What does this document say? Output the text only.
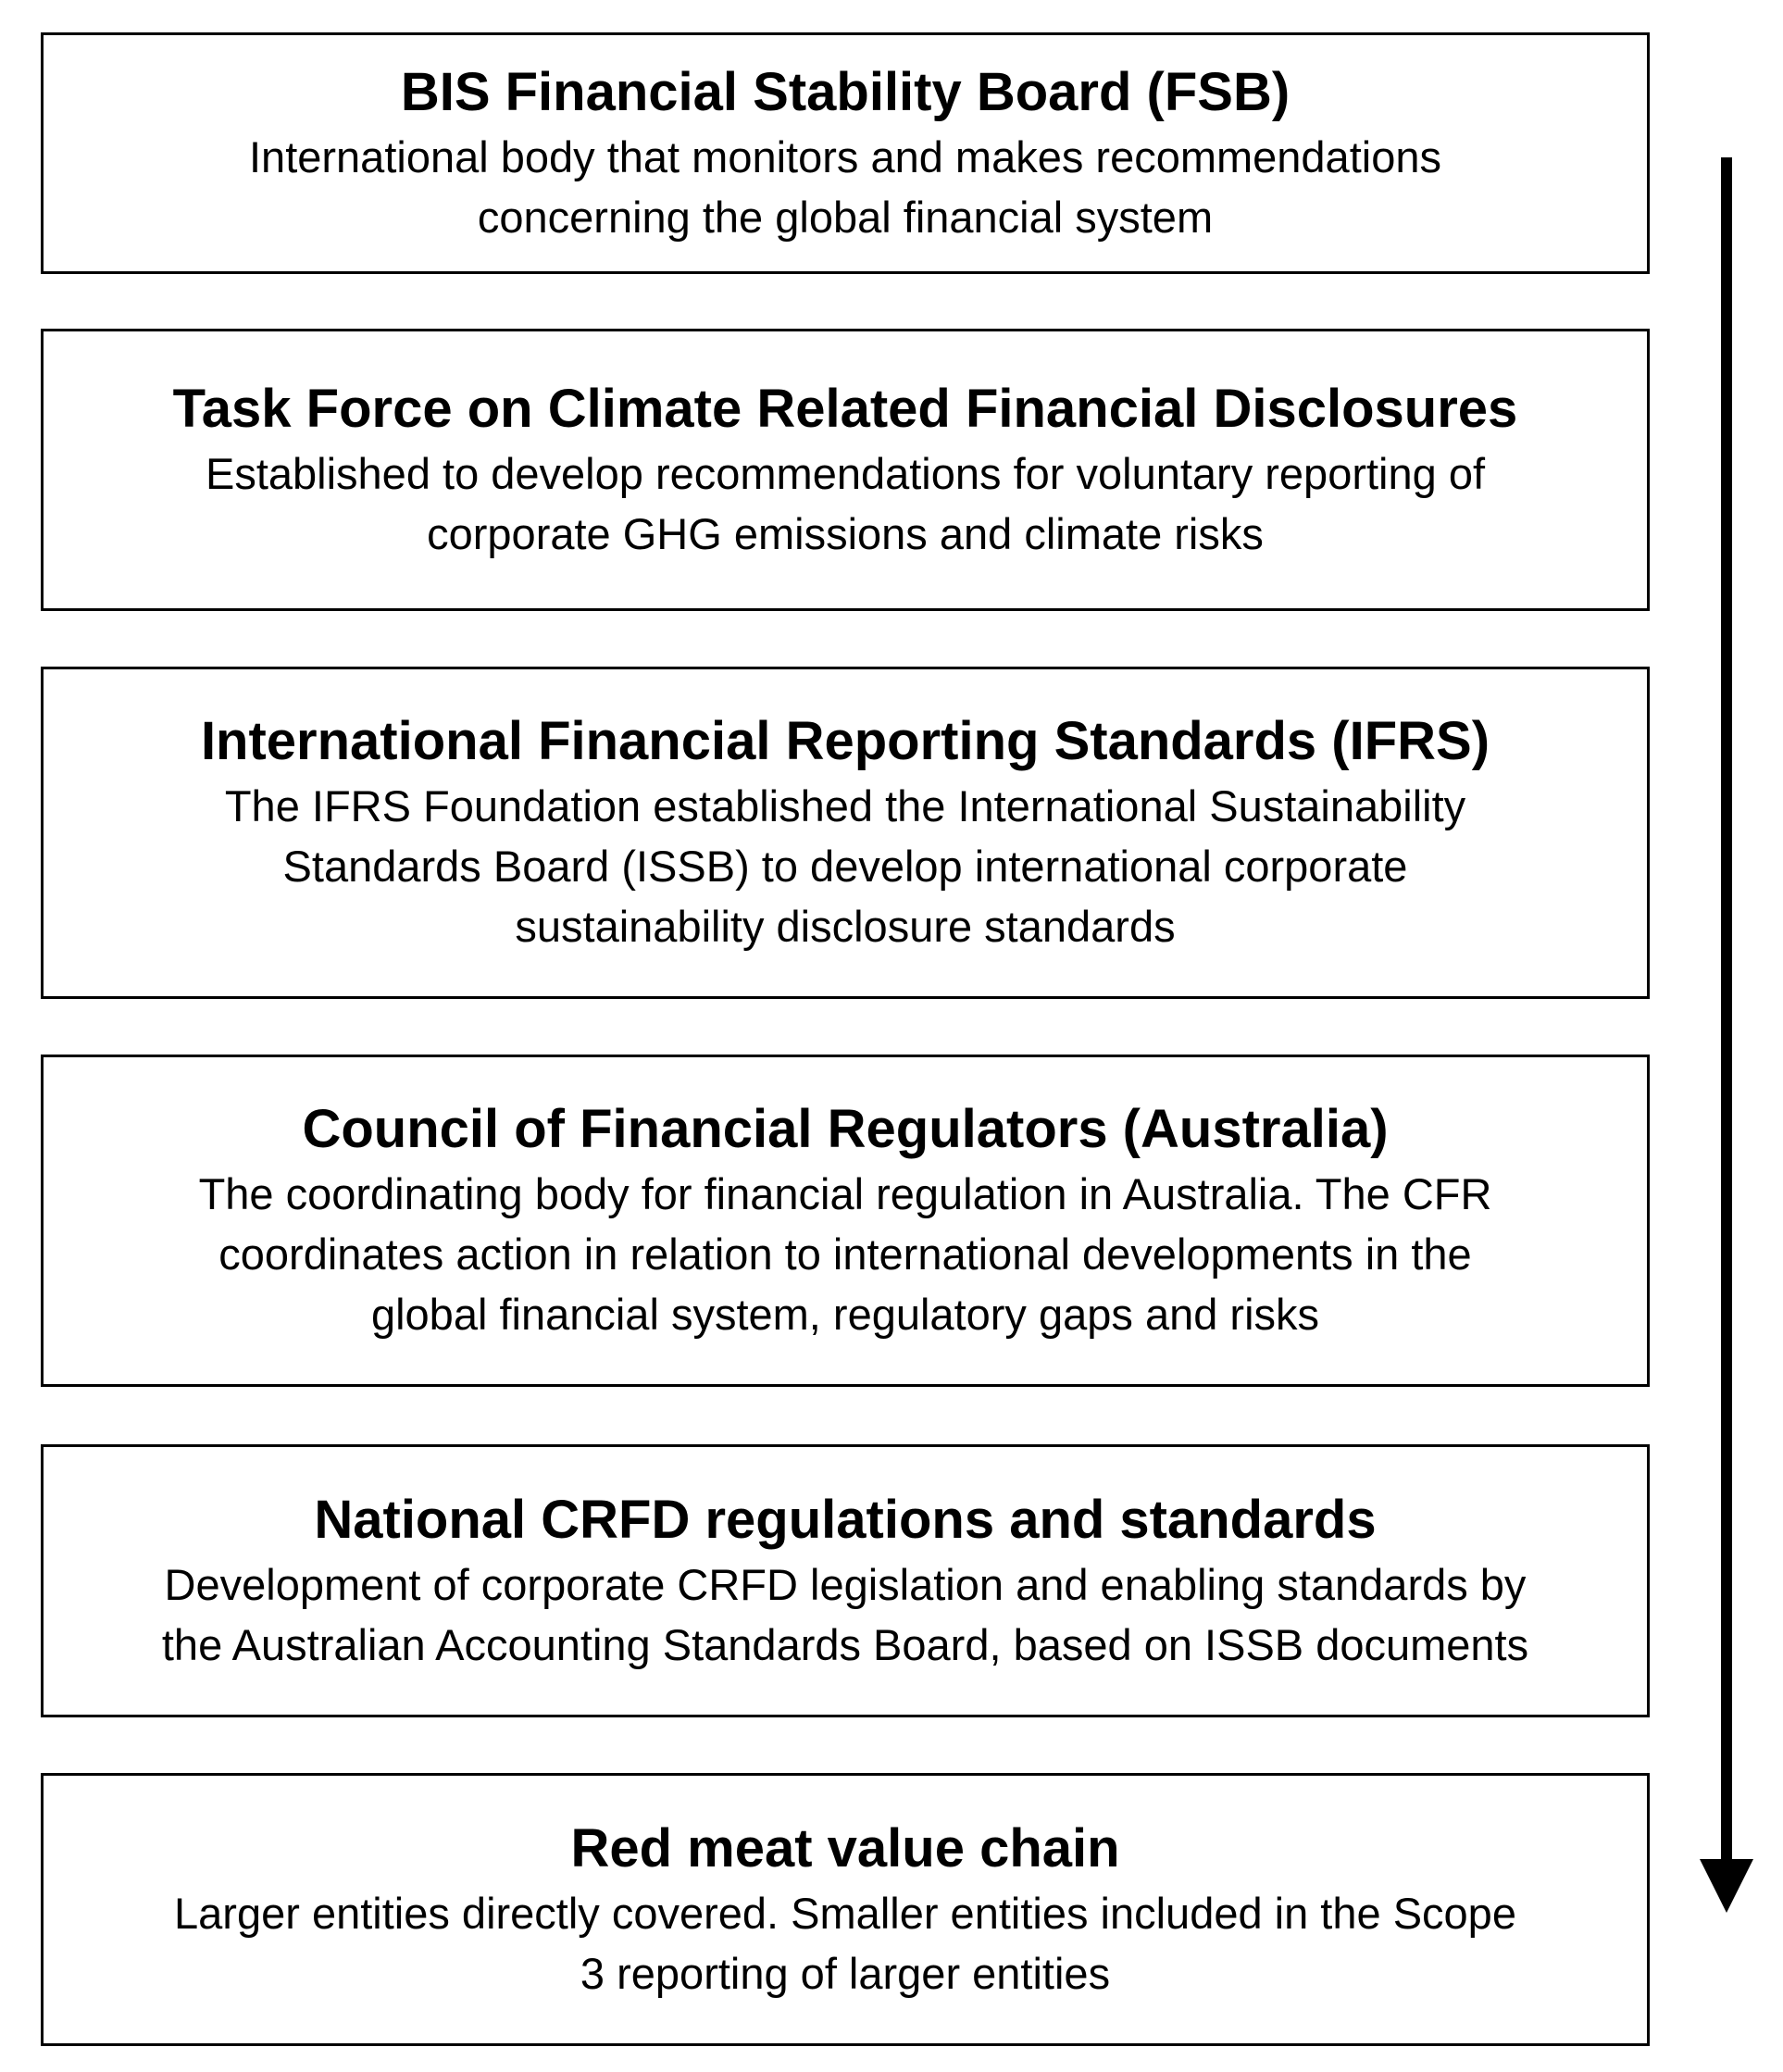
BIS Financial Stability Board (FSB)
International body that monitors and makes recommendations
concerning the global financial system
Task Force on Climate Related Financial Disclosures
Established to develop recommendations for voluntary reporting of
corporate GHG emissions and climate risks
International Financial Reporting Standards (IFRS)
The IFRS Foundation established the International Sustainability
Standards Board (ISSB) to develop international corporate
sustainability disclosure standards
Council of Financial Regulators (Australia)
The coordinating body for financial regulation in Australia. The CFR
coordinates action in relation to international developments in the
global financial system, regulatory gaps and risks
National CRFD regulations and standards
Development of corporate CRFD legislation and enabling standards by
the Australian Accounting Standards Board, based on ISSB documents
Red meat value chain
Larger entities directly covered. Smaller entities included in the Scope
3 reporting of larger entities
